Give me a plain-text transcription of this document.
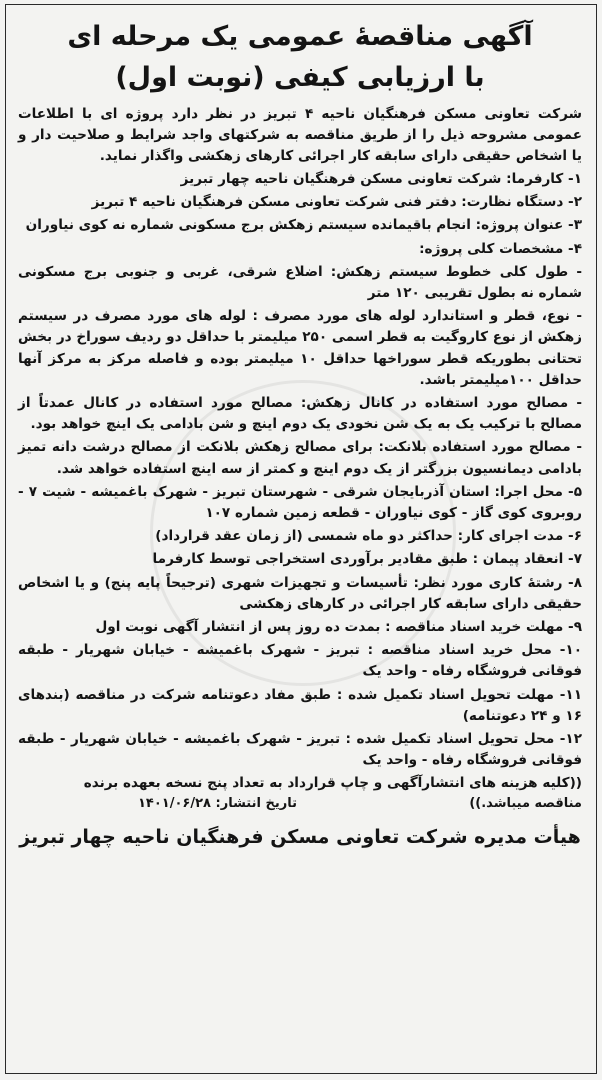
آگهی مناقصهٔ عمومی یک مرحله ای
با ارزیابی کیفی (نوبت اول)
شرکت تعاونی مسکن فرهنگیان ناحیه ۴ تبریز در نظر دارد پروژه ای با اطلاعات عمومی مشروحه ذیل را از طریق مناقصه به شرکتهای واجد شرایط و صلاحیت دار و یا اشخاص حقیقی دارای سابقه کار اجرائی کارهای زهکشی واگذار نماید.
۱- کارفرما: شرکت تعاونی مسکن فرهنگیان ناحیه چهار تبریز
۲- دستگاه نظارت: دفتر فنی شرکت تعاونی مسکن فرهنگیان ناحیه ۴ تبریز
۳- عنوان پروژه: انجام باقیمانده سیستم زهکش برج مسکونی شماره نه کوی نیاوران
۴- مشخصات کلی پروژه:
- طول کلی خطوط سیستم زهکش: اضلاع شرقی، غربی و جنوبی برج مسکونی شماره نه بطول تقریبی ۱۲۰ متر
- نوع، قطر و استاندارد لوله های مورد مصرف : لوله های مورد مصرف در سیستم زهکش از نوع کاروگیت به قطر اسمی ۲۵۰ میلیمتر با حداقل دو ردیف سوراخ در بخش تحتانی بطوریکه قطر سوراخها حداقل ۱۰ میلیمتر بوده و فاصله مرکز به مرکز آنها حداقل ۱۰۰میلیمتر باشد.
- مصالح مورد استفاده در کانال زهکش: مصالح مورد استفاده در کانال عمدتاً از مصالح با ترکیب یک به یک شن نخودی یک دوم اینچ و شن بادامی یک اینچ خواهد بود.
- مصالح مورد استفاده بلانکت: برای مصالح زهکش بلانکت از مصالح درشت دانه تمیز بادامی دیمانسیون بزرگتر از یک دوم اینچ و کمتر از سه اینچ استفاده خواهد شد.
۵- محل اجرا: استان آذربایجان شرقی - شهرستان تبریز - شهرک باغمیشه - شیت ۷ - روبروی کوی گاز - کوی نیاوران - قطعه زمین شماره ۱۰۷
۶- مدت اجرای کار: حداکثر دو ماه شمسی (از زمان عقد قرارداد)
۷- انعقاد پیمان : طبق مقادیر برآوردی استخراجی توسط کارفرما
۸- رشتهٔ کاری مورد نظر: تأسیسات و تجهیزات شهری (ترجیحاً پایه پنج) و یا اشخاص حقیقی دارای سابقه کار اجرائی در کارهای زهکشی
۹- مهلت خرید اسناد مناقصه : بمدت ده روز پس از انتشار آگهی نوبت اول
۱۰- محل خرید اسناد مناقصه : تبریز - شهرک باغمیشه - خیابان شهریار - طبقه فوقانی فروشگاه رفاه - واحد یک
۱۱- مهلت تحویل اسناد تکمیل شده : طبق مفاد دعوتنامه شرکت در مناقصه (بندهای ۱۶ و ۲۴ دعوتنامه)
۱۲- محل تحویل اسناد تکمیل شده : تبریز - شهرک باغمیشه - خیابان شهریار - طبقه فوقانی فروشگاه رفاه - واحد یک
((کلیه هزینه های انتشارآگهی و چاپ قرارداد به تعداد پنج نسخه بعهده برنده
مناقصه میباشد.))
تاریخ انتشار: ۱۴۰۱/۰۶/۲۸
هیأت مدیره شرکت تعاونی مسکن فرهنگیان ناحیه چهار تبریز
